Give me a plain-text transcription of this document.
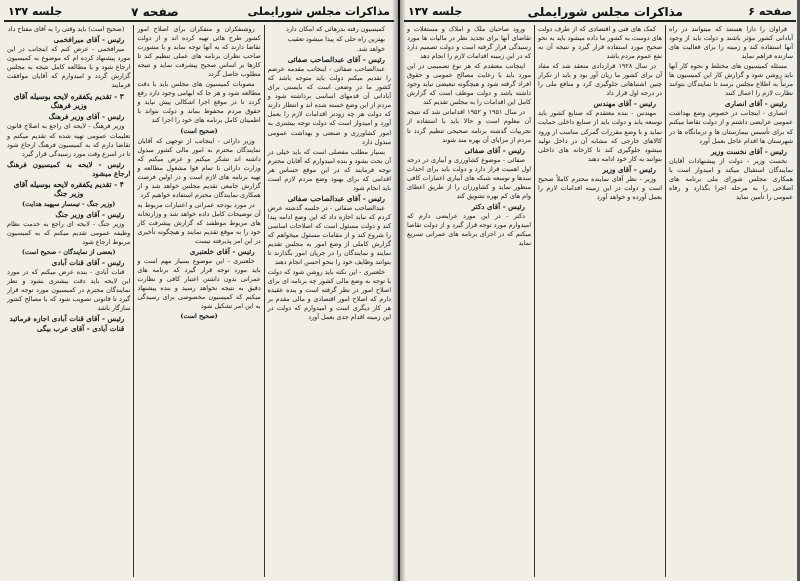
مذاکرات مجلس شورایملی
صفحه ۷
جلسه ۱۳۷

کمیسیون رفته بدرهائی که امکان دارد

بهترین راه حلی که پیدا میشود تعقیب

خواهد شد.

رئیس - آقای عبدالصاحب صفائی

عبدالصاحب صفائی - اینجانب مقدمه عرضم را تقدیم میکنم دولت باید متوجه باشد که کشور ما در وضعی است که بایستی برای آبادانی آن قدمهای اساسی برداشته شود و مردم از این وضع خسته شده اند و انتظار دارند که دولت هر چه زودتر اقدامات لازم را بعمل آورد و امیدوار است که دولت توجه بیشتری به امور کشاورزی و صنعتی و بهداشت عمومی مبذول دارد

بسیار مطلب مفصلی است که باید خیلی در آن بحث بشود و بنده امیدوارم که آقایان محترم توجه فرمایند که در این موقع حساس هر اقدامی که برای بهبود وضع مردم لازم است باید انجام شود

رئیس - آقای عبدالصاحب صفائی

عبدالصاحب صفائی - در جلسه گذشته عرض کردم که نباید اجازه داد که این وضع ادامه پیدا کند و دولت مسئول است که اصلاحات اساسی را شروع کند و از مقامات مسئول میخواهم که گزارش کاملی از وضع امور به مجلس تقدیم نمایند و نمایندگان را در جریان امور بگذارند تا بتوانند وظایف خود را بنحو احسن انجام دهند

خلعتبری - این نکته باید روشن شود که دولت با توجه به وضع مالی کشور چه برنامه ای برای اصلاح امور در نظر گرفته است و بنده عقیده دارم که اصلاح امور اقتصادی و مالی مقدم بر هر کار دیگری است و امیدوارم که دولت در این زمینه اقدام جدی بعمل آورد

روشنفکران و متفکران برای اصلاح امور کشور طرح هائی تهیه کرده اند و از دولت تقاضا دارند که به آنها توجه نماید و با مشورت صاحب نظران برنامه های عملی تنظیم کند تا کارها بر اساس صحیح پیشرفت نماید و نتیجه مطلوب حاصل گردد

مصوبات کمیسیون های مجلس باید با دقت مطالعه شود و هر جا که ابهامی وجود دارد رفع گردد تا در موقع اجرا اشکالی پیش نیاید و حقوق مردم محفوظ بماند و دولت بتواند با اطمینان کامل برنامه های خود را اجرا کند

(صحیح است)

وزیر دارائی - اینجانب از توجهی که آقایان نمایندگان محترم به امور مالی کشور مبذول داشته اند تشکر میکنم و عرض میکنم که وزارت دارائی با تمام قوا مشغول مطالعه و تهیه برنامه های لازم است و در اولین فرصت گزارش جامعی تقدیم مجلس خواهد شد و از همکاری نمایندگان محترم استفاده خواهیم کرد

در مورد بودجه عمرانی و اعتبارات مربوط به آن توضیحات کامل داده خواهد شد و وزارتخانه های مربوط موظفند که گزارش پیشرفت کار خود را به موقع تقدیم نمایند و هیچگونه تأخیری در این امر پذیرفته نیست

رئیس - آقای خلعتبری

خلعتبری - این موضوع بسیار مهم است و باید مورد توجه قرار گیرد که برنامه های عمرانی بدون داشتن اعتبار کافی و نظارت دقیق به نتیجه نخواهد رسید و بنده پیشنهاد میکنم که کمیسیون مخصوصی برای رسیدگی به این امر تشکیل شود

(صحیح است)

(صحیح است) باید وقتی را به آقای مفتاح داد

رئیس - آقای میرافخمی

میرافخمی - عرض کنم که اینجانب در این مورد پیشنهاد کرده ام که موضوع به کمیسیون ارجاع شود و با مطالعه کامل نتیجه به مجلس گزارش گردد و امیدوارم که آقایان موافقت فرمایند

۳ - تقدیم یکفقره لایحه بوسیله آقای وزیر فرهنگ

رئیس - آقای وزیر فرهنگ

وزیر فرهنگ - لایحه ای راجع به اصلاح قانون تعلیمات عمومی تهیه شده که تقدیم میکنم و تقاضا دارم که به کمیسیون فرهنگ ارجاع شود تا در اسرع وقت مورد رسیدگی قرار گیرد

رئیس - لایحه به کمیسیون فرهنگ ارجاع میشود

۴ - تقدیم یکفقره لایحه بوسیله آقای وزیر جنگ

(وزیر جنگ - تیمسار سپهبد هدایت)

رئیس - آقای وزیر جنگ

وزیر جنگ - لایحه ای راجع به خدمت نظام وظیفه عمومی تقدیم میکنم که به کمیسیون مربوط ارجاع شود

(بعضی از نمایندگان - صحیح است)

رئیس - آقای قنات آبادی

قنات آبادی - بنده عرض میکنم که در مورد این لایحه باید دقت بیشتری بشود و نظر نمایندگان محترم در کمیسیون مورد توجه قرار گیرد تا قانونی تصویب شود که با مصالح کشور سازگار باشد

رئیس - آقای قنات آبادی اجازه فرمائید

قنات آبادی - آقای عرب بیگی

صفحه ۶
مذاکرات مجلس شورایملی
جلسه ۱۳۷

فراوان را دارا هستند که میتوانند در راه آبادانی کشور مؤثر باشند و دولت باید از وجود آنها استفاده کند و زمینه را برای فعالیت های سازنده فراهم نماید

مسئله کمیسیون های مختلط و نحوه کار آنها باید روشن شود و گزارش کار این کمیسیون ها مرتباً به اطلاع مجلس برسد تا نمایندگان بتوانند نظارت لازم را اعمال کنند

رئیس - آقای انصاری

انصاری - اینجانب در خصوص وضع بهداشت عمومی عرایضی داشتم و از دولت تقاضا میکنم که برای تأسیس بیمارستان ها و درمانگاه ها در شهرستان ها اقدام عاجل بعمل آورد

رئیس - آقای نخست وزیر

نخست وزیر - دولت از پیشنهادات آقایان نمایندگان استقبال میکند و امیدوار است با همکاری مجلس شورای ملی برنامه های اصلاحی را به مرحله اجرا بگذارد و رفاه عمومی را تأمین نماید

کمک های فنی و اقتصادی که از طرف دولت های دوست به کشور ما داده میشود باید به نحو صحیح مورد استفاده قرار گیرد و نتیجه آن به نفع عموم مردم باشد

در سال ۱۹۲۸ قراردادی منعقد شد که مفاد آن برای کشور ما زیان آور بود و باید از تکرار چنین اشتباهاتی جلوگیری کرد و منافع ملی را در درجه اول قرار داد

رئیس - آقای مهندس

مهندس - بنده معتقدم که صنایع کشور باید توسعه یابد و دولت باید از صنایع داخلی حمایت نماید و با وضع مقررات گمرکی مناسب از ورود کالاهای خارجی که مشابه آن در داخل تولید میشود جلوگیری کند تا کارخانه های داخلی بتوانند به کار خود ادامه دهند

رئیس - آقای وزیر

وزیر - نظر آقای نماینده محترم کاملاً صحیح است و دولت در این زمینه اقدامات لازم را بعمل آورده و خواهد آورد

ورود صاحبان ملک و املاک و مستغلات و تقاضای آنها برای تجدید نظر در مالیات ها مورد رسیدگی قرار گرفته است و دولت تصمیم دارد که در این زمینه اقدامات لازم را انجام دهد

اینجانب معتقدم که هر نوع تصمیمی در این مورد باید با رعایت مصالح عمومی و حقوق افراد گرفته شود و هیچگونه تبعیضی نباید وجود داشته باشد و دولت موظف است که گزارش کامل این اقدامات را به مجلس تقدیم کند

در سال ۱۹۵۱ و ۱۹۵۲ اقداماتی شد که نتیجه آن معلوم است و حالا باید با استفاده از تجربیات گذشته برنامه صحیحی تنظیم گردد تا مردم از مزایای آن بهره مند شوند

رئیس - آقای صفائی

صفائی - موضوع کشاورزی و آبیاری در درجه اول اهمیت قرار دارد و دولت باید برای احداث سدها و توسعه شبکه های آبیاری اعتبارات کافی منظور نماید و کشاورزان را از طریق اعطای وام های کم بهره تشویق کند

رئیس - آقای دکتر

دکتر - در این مورد عرایضی دارم که امیدوارم مورد توجه قرار گیرد و از دولت تقاضا میکنم که در اجرای برنامه های عمرانی تسریع نماید
